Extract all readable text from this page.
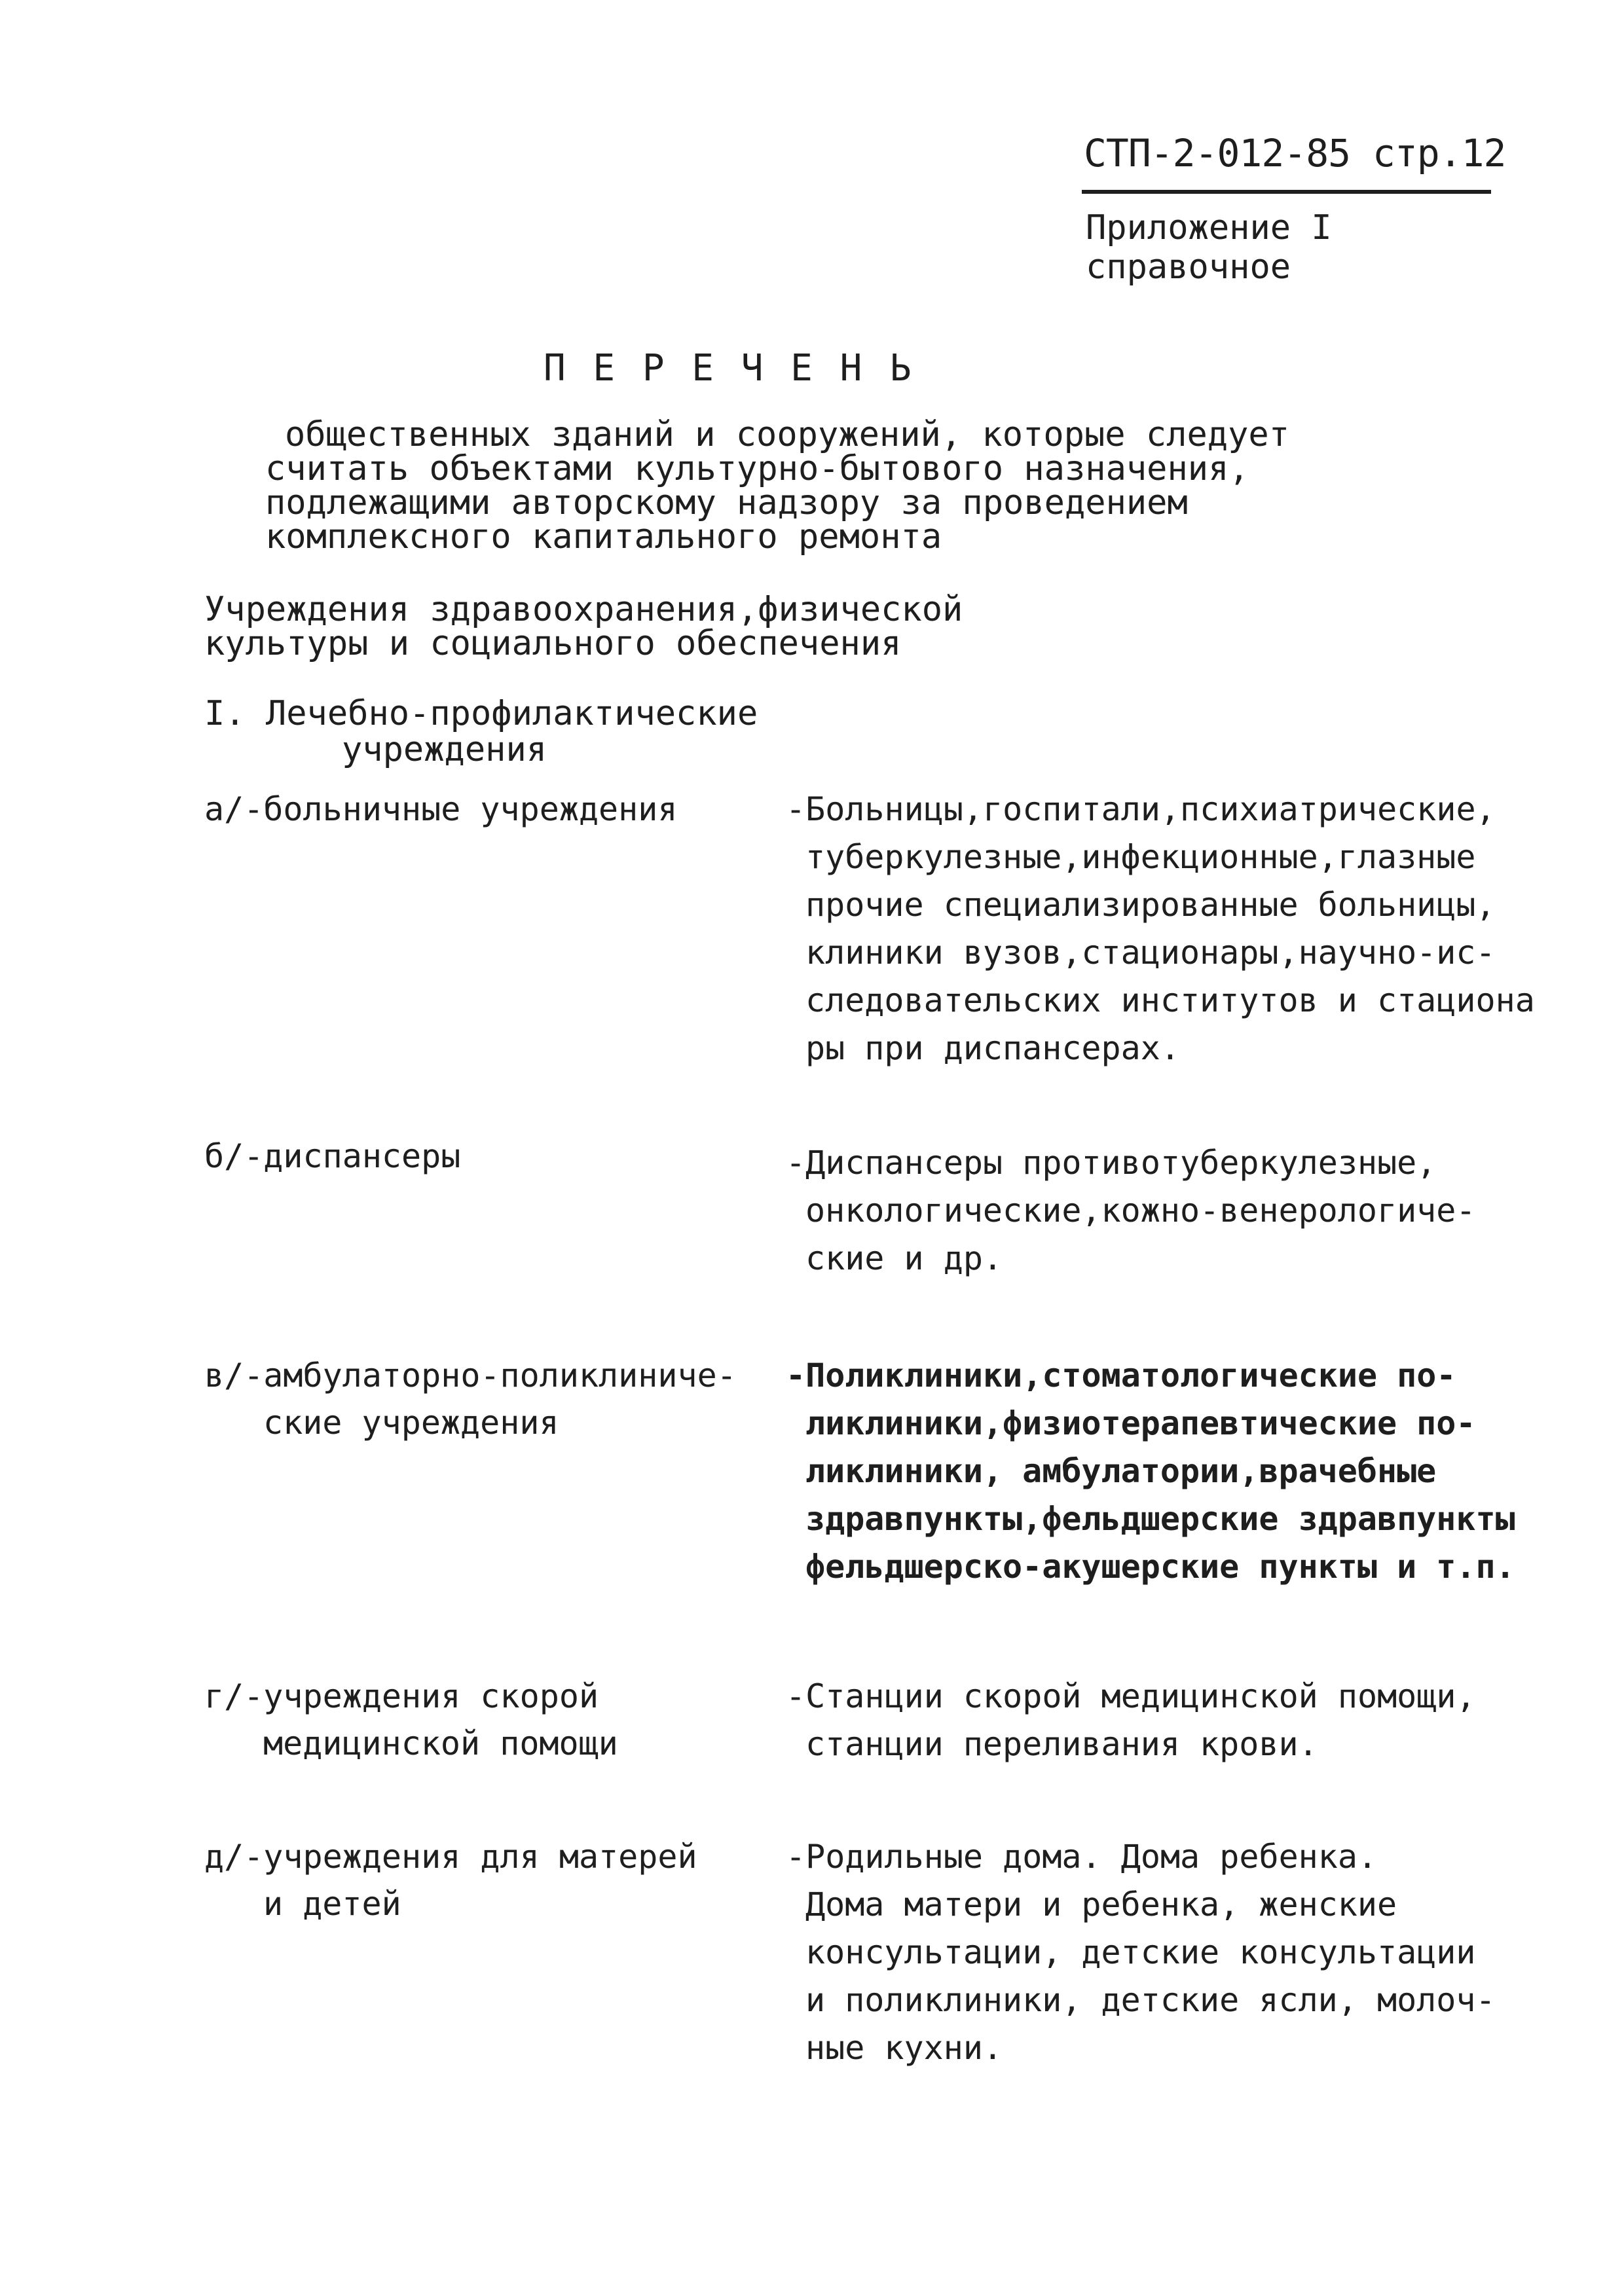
СТП-2-012-85 стр.12
Приложение I
справочное
П Е Р Е Ч Е Н Ь
общественных зданий и сооружений, которые следует
считать объектами культурно-бытового назначения,
подлежащими авторскому надзору за проведением
комплексного капитального ремонта
Учреждения здравоохранения,физической
культуры и социального обеспечения
I. Лечебно-профилактические
учреждения
а/-больничные учреждения	-Больницы,госпитали,психиатрические,
туберкулезные,инфекционные,глазные
прочие специализированные больницы,
клиники вузов,стационары,научно-ис-
следовательских институтов и стациона
ры при диспансерах.
б/-диспансеры	-Диспансеры противотуберкулезные,
онкологические,кожно-венерологиче-
ские и др.
в/-амбулаторно-поликлиниче-
ские учреждения
-Поликлиники,стоматологические по-
ликлиники,физиотерапевтические по-
ликлиники, амбулатории,врачебные
здравпункты,фельдшерские здравпункты
фельдшерско-акушерские пункты и т.п.
г/-учреждения скорой
медицинской помощи
-Станции скорой медицинской помощи,
станции переливания крови.
д/-учреждения для матерей
и детей
-Родильные дома. Дома ребенка.
Дома матери и ребенка, женские
консультации, детские консультации
и поликлиники, детские ясли, молоч-
ные кухни.
